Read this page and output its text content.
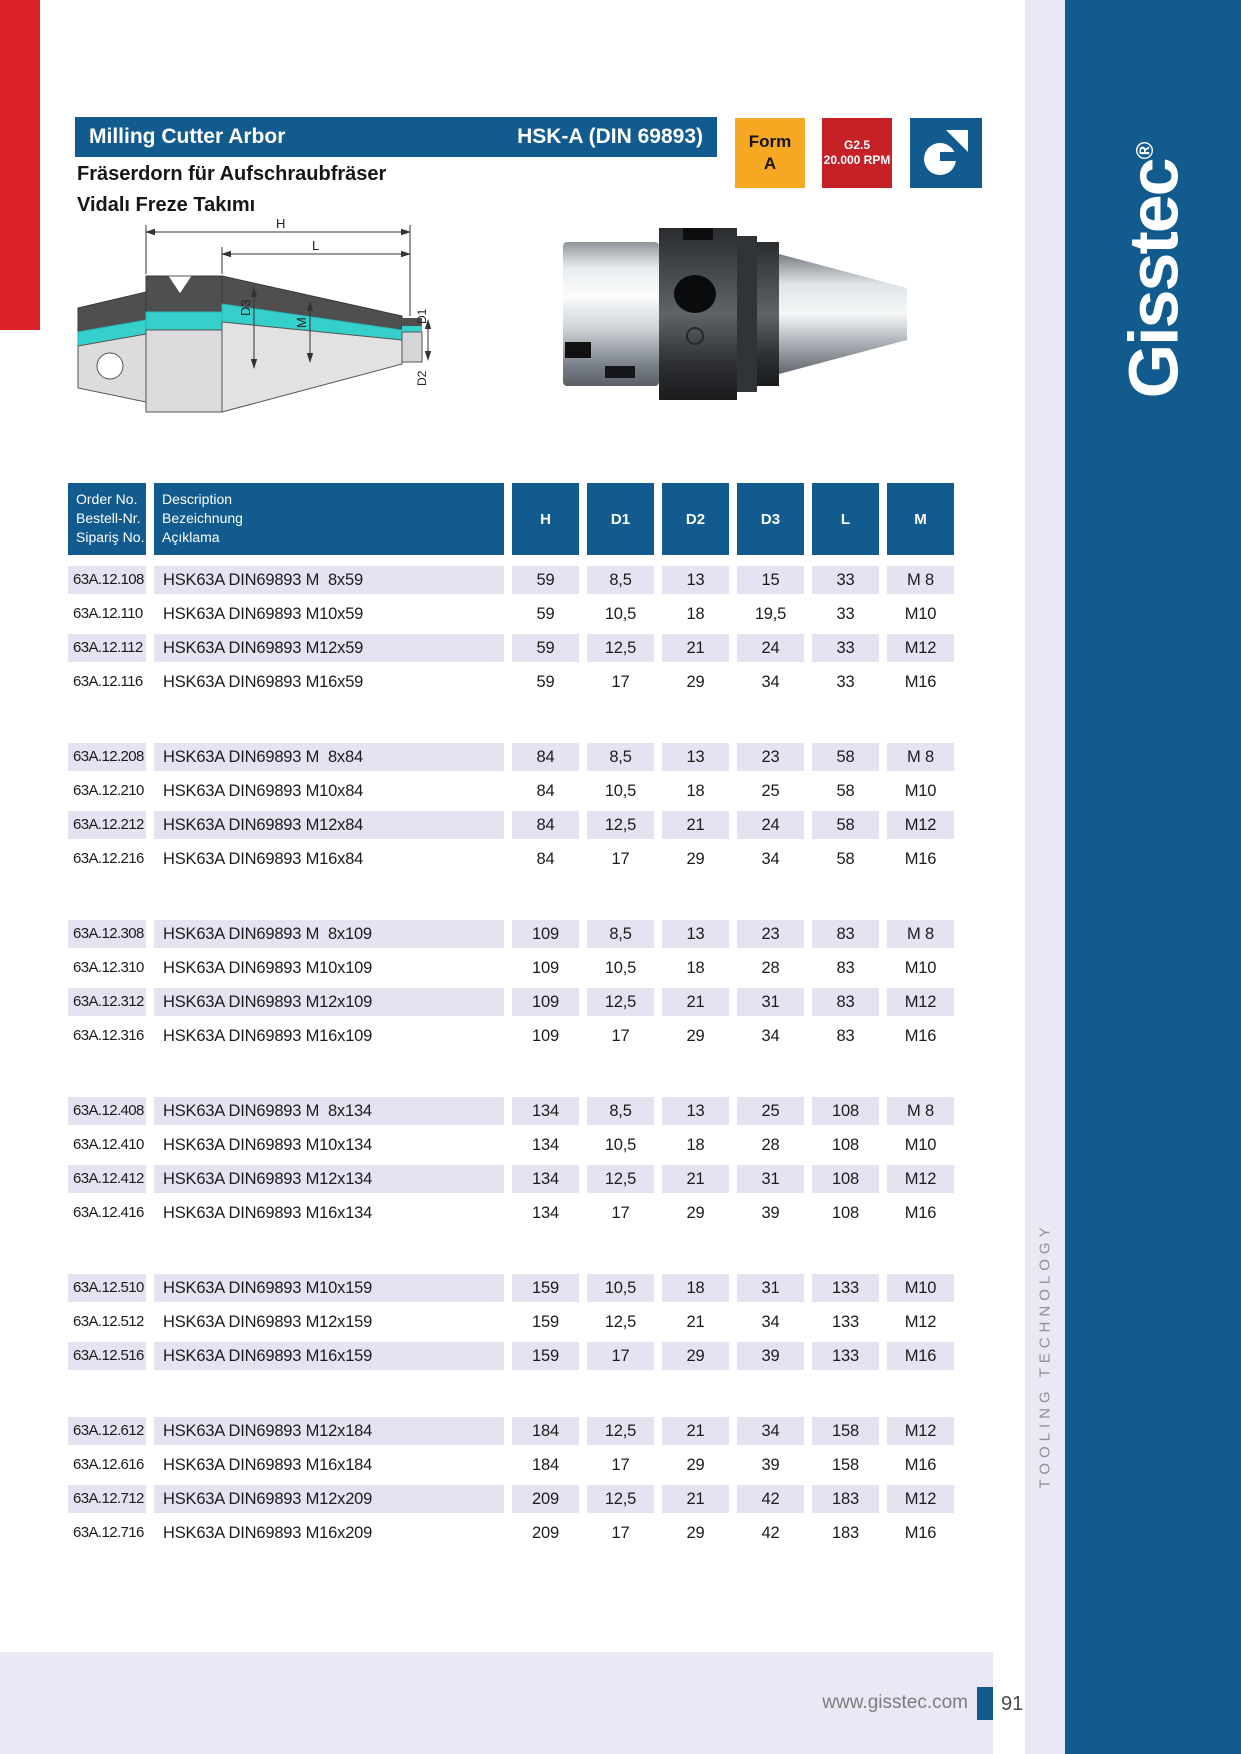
Gisstec®
TOOLING TECHNOLOGY
Milling Cutter Arbor	HSK-A (DIN 69893)
Fräserdorn für Aufschraubfräser
Vidalı Freze Takımı
Form
A
G2.5
20.000 RPM
H
L
D3
M	D1
D2
Order No.
Bestell-Nr.
Sipariş No.
Description
Bezeichnung
Açıklama
H	D1	D2	D3	L	M
63A.12.108	HSK63A DIN69893 M  8x59	59	8,5	13	15	33	M 8
63A.12.110	HSK63A DIN69893 M10x59	59	10,5	18	19,5	33	M10
63A.12.112	HSK63A DIN69893 M12x59	59	12,5	21	24	33	M12
63A.12.116	HSK63A DIN69893 M16x59	59	17	29	34	33	M16
63A.12.208	HSK63A DIN69893 M  8x84	84	8,5	13	23	58	M 8
63A.12.210	HSK63A DIN69893 M10x84	84	10,5	18	25	58	M10
63A.12.212	HSK63A DIN69893 M12x84	84	12,5	21	24	58	M12
63A.12.216	HSK63A DIN69893 M16x84	84	17	29	34	58	M16
63A.12.308	HSK63A DIN69893 M  8x109	109	8,5	13	23	83	M 8
63A.12.310	HSK63A DIN69893 M10x109	109	10,5	18	28	83	M10
63A.12.312	HSK63A DIN69893 M12x109	109	12,5	21	31	83	M12
63A.12.316	HSK63A DIN69893 M16x109	109	17	29	34	83	M16
63A.12.408	HSK63A DIN69893 M  8x134	134	8,5	13	25	108	M 8
63A.12.410	HSK63A DIN69893 M10x134	134	10,5	18	28	108	M10
63A.12.412	HSK63A DIN69893 M12x134	134	12,5	21	31	108	M12
63A.12.416	HSK63A DIN69893 M16x134	134	17	29	39	108	M16
63A.12.510	HSK63A DIN69893 M10x159	159	10,5	18	31	133	M10
63A.12.512	HSK63A DIN69893 M12x159	159	12,5	21	34	133	M12
63A.12.516	HSK63A DIN69893 M16x159	159	17	29	39	133	M16
63A.12.612	HSK63A DIN69893 M12x184	184	12,5	21	34	158	M12
63A.12.616	HSK63A DIN69893 M16x184	184	17	29	39	158	M16
63A.12.712	HSK63A DIN69893 M12x209	209	12,5	21	42	183	M12
63A.12.716	HSK63A DIN69893 M16x209	209	17	29	42	183	M16
www.gisstec.com 91
